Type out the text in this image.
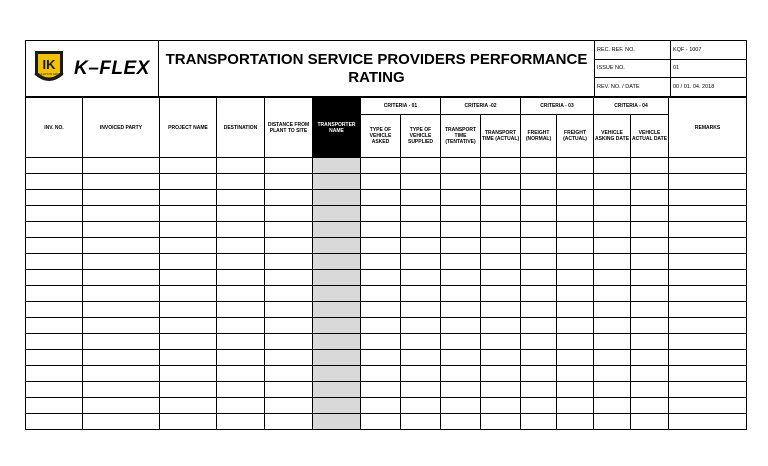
IK
INSULATION GROUP K–FLEX	TRANSPORTATION SERVICE PROVIDERS PERFORMANCE RATING	REC. REF. NO.	KQF - 1007
		ISSUE NO.	01
		REV. NO. / DATE	00 / 01. 04. 2018
INV. NO.	INVOICED PARTY	PROJECT NAME	DESTINATION	DISTANCE FROM PLANT TO SITE	TRANSPORTER NAME	CRITERIA - 01		CRITERIA -02		CRITERIA - 03		CRITERIA - 04		REMARKS
						TYPE OF VEHICLE ASKED	TYPE OF VEHICLE SUPPLIED	TRANSPORT TIME (TENTATIVE)	TRANSPORT TIME (ACTUAL)	FREIGHT (NORMAL)	FREIGHT (ACTUAL)	VEHICLE ASKING DATE	VEHICLE ACTUAL DATE	
